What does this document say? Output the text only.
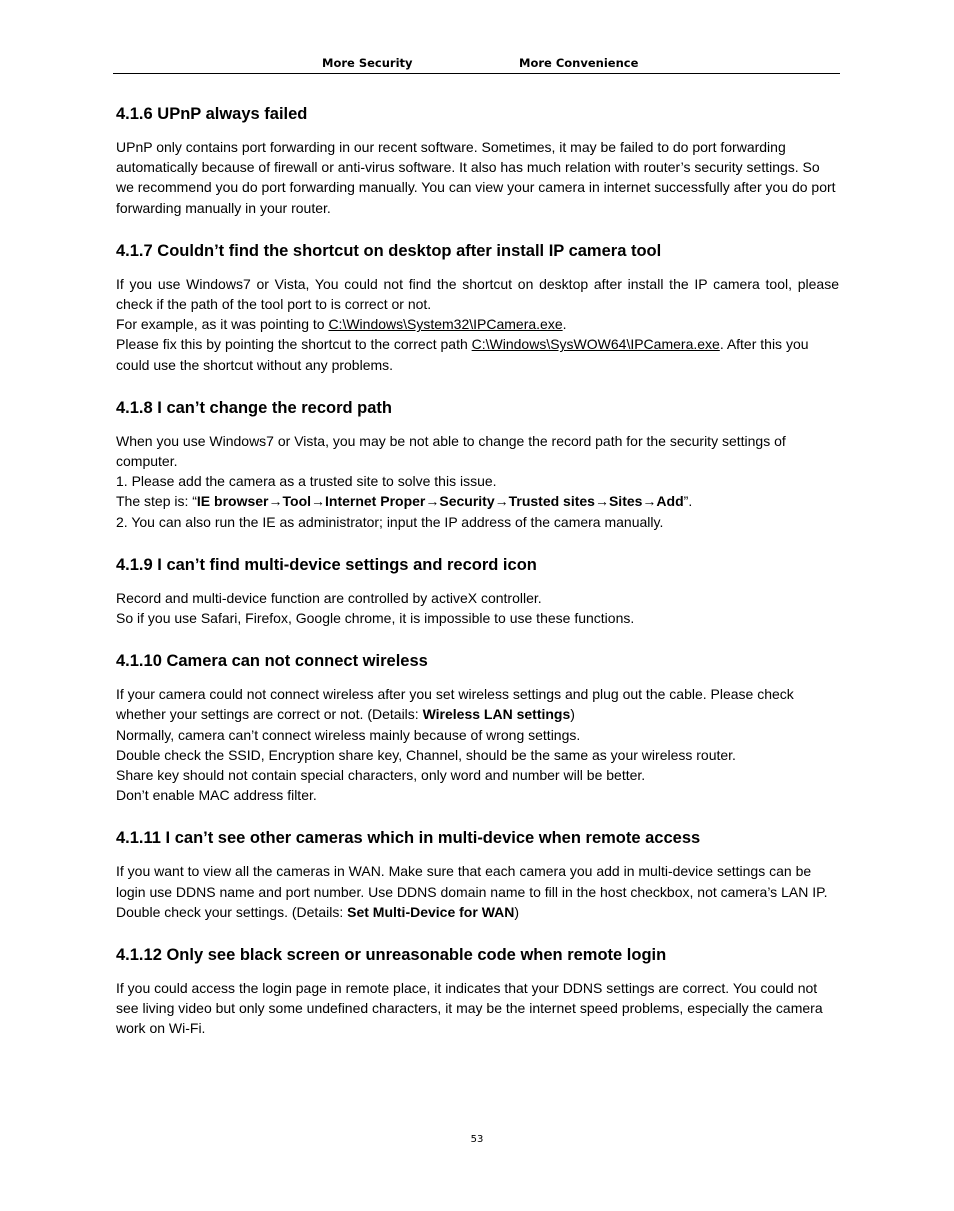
More Security	More Convenience
4.1.6 UPnP always failed

UPnP only contains port forwarding in our recent software. Sometimes, it may be failed to do port forwarding automatically because of firewall or anti-virus software. It also has much relation with router’s security settings. So we recommend you do port forwarding manually. You can view your camera in internet successfully after you do port forwarding manually in your router.

4.1.7 Couldn’t find the shortcut on desktop after install IP camera tool

If you use Windows7 or Vista, You could not find the shortcut on desktop after install the IP camera tool, please check if the path of the tool port to is correct or not.

For example, as it was pointing to C:\Windows\System32\IPCamera.exe.

Please fix this by pointing the shortcut to the correct path C:\Windows\SysWOW64\IPCamera.exe. After this you could use the shortcut without any problems.

4.1.8 I can’t change the record path

When you use Windows7 or Vista, you may be not able to change the record path for the security settings of computer.

1. Please add the camera as a trusted site to solve this issue.

The step is: “IE browser→Tool→Internet Proper→Security→Trusted sites→Sites→Add”.

2. You can also run the IE as administrator; input the IP address of the camera manually.

4.1.9 I can’t find multi-device settings and record icon

Record and multi-device function are controlled by activeX controller.

So if you use Safari, Firefox, Google chrome, it is impossible to use these functions.

4.1.10 Camera can not connect wireless

If your camera could not connect wireless after you set wireless settings and plug out the cable. Please check whether your settings are correct or not. (Details: Wireless LAN settings)

Normally, camera can’t connect wireless mainly because of wrong settings.

Double check the SSID, Encryption share key, Channel, should be the same as your wireless router.

Share key should not contain special characters, only word and number will be better.

Don’t enable MAC address filter.

4.1.11 I can’t see other cameras which in multi-device when remote access

If you want to view all the cameras in WAN. Make sure that each camera you add in multi-device settings can be login use DDNS name and port number. Use DDNS domain name to fill in the host checkbox, not camera’s LAN IP. Double check your settings. (Details: Set Multi-Device for WAN)

4.1.12 Only see black screen or unreasonable code when remote login

If you could access the login page in remote place, it indicates that your DDNS settings are correct. You could not see living video but only some undefined characters, it may be the internet speed problems, especially the camera work on Wi-Fi.

53
